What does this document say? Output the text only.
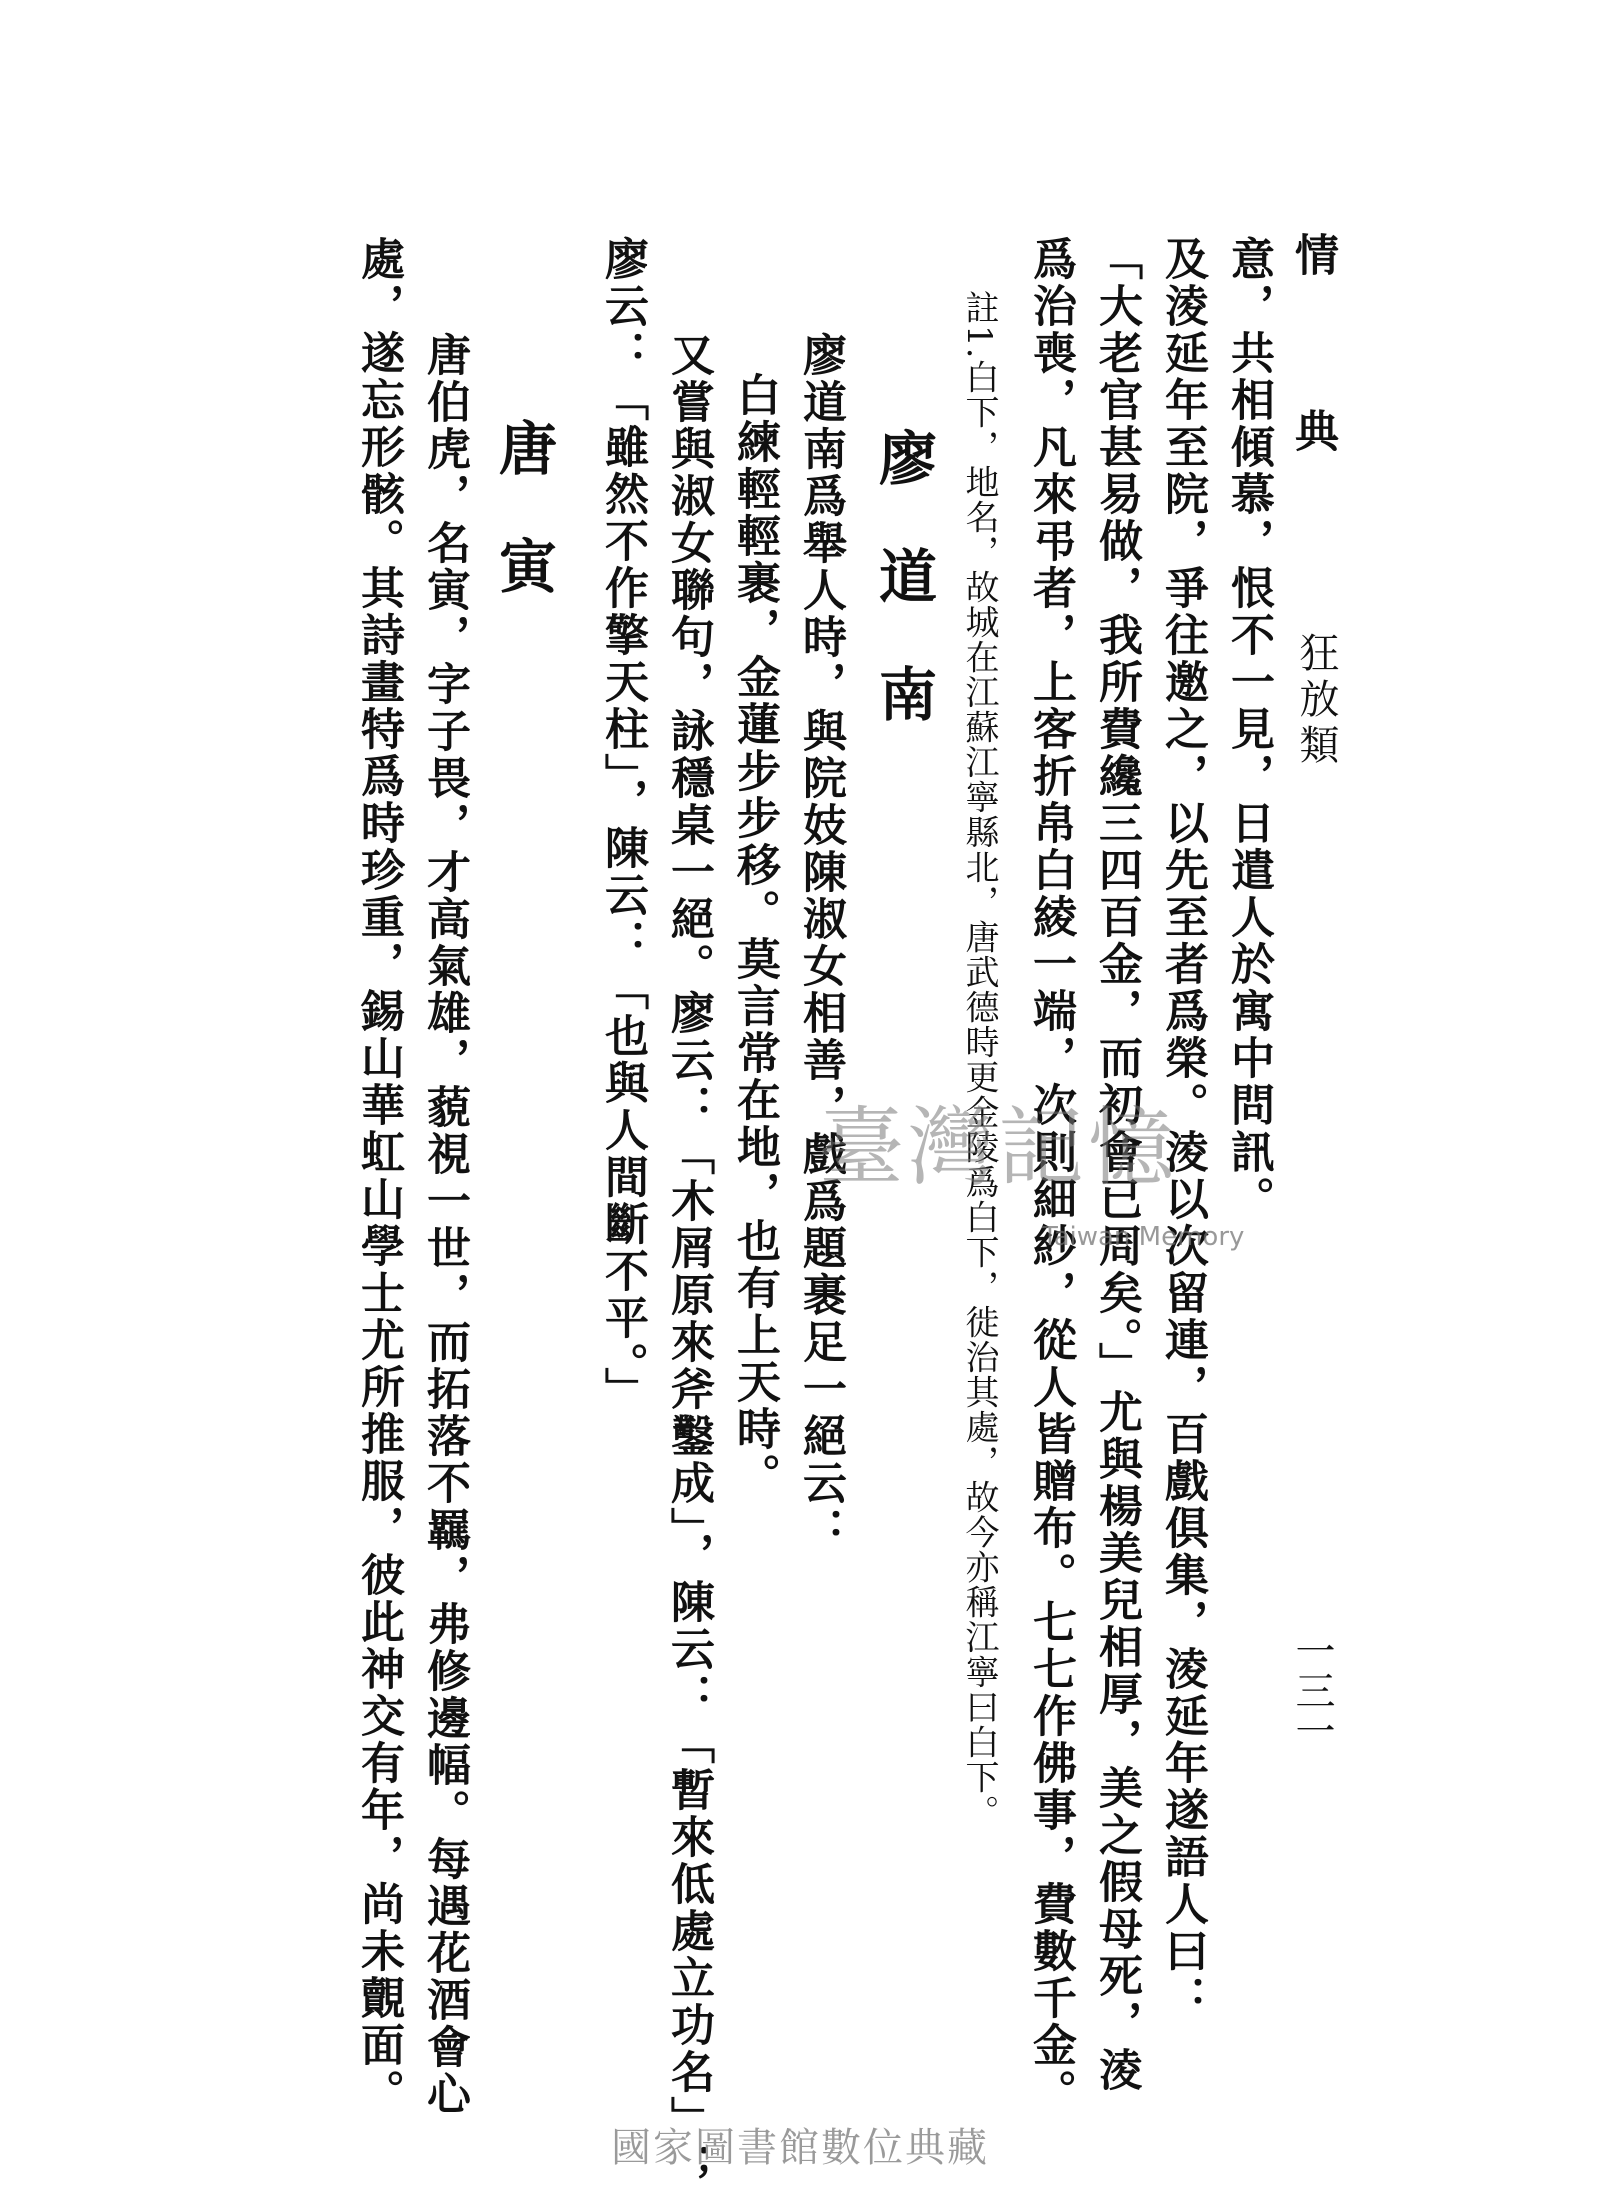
情　典
狂放類
一三一
意，共相傾慕，恨不一見，日遣人於寓中問訊。
及淩延年至院，爭往邀之，以先至者爲榮。淩以次留連，百戲俱集，淩延年遂語人曰：
「大老官甚易做，我所費纔三四百金，而初會已周矣。」尤與楊美兒相厚，美之假母死，淩
爲治喪，凡來弔者，上客折帛白綾一端，次則細紗，從人皆贈布。七七作佛事，費數千金。
註1.白下，地名，故城在江蘇江寧縣北，唐武德時更金陵爲白下，徙治其處，故今亦稱江寧曰白下。
廖道南
廖道南爲舉人時，與院妓陳淑女相善，戲爲題裹足一絕云：
白練輕輕裹，金蓮步步移。莫言常在地，也有上天時。
又嘗與淑女聯句，詠穩桌一絕。廖云：「木屑原來斧鑿成」，陳云：「暫來低處立功名」；
廖云：「雖然不作擎天柱」，陳云：「也與人間斷不平。」
唐寅
唐伯虎，名寅，字子畏，才高氣雄，藐視一世，而拓落不羈，弗修邊幅。每遇花酒會心
處，遂忘形骸。其詩畫特爲時珍重，錫山華虹山學士尤所推服，彼此神交有年，尚未覿面。	臺灣記憶
Taiwan Memory
國家圖書館數位典藏
